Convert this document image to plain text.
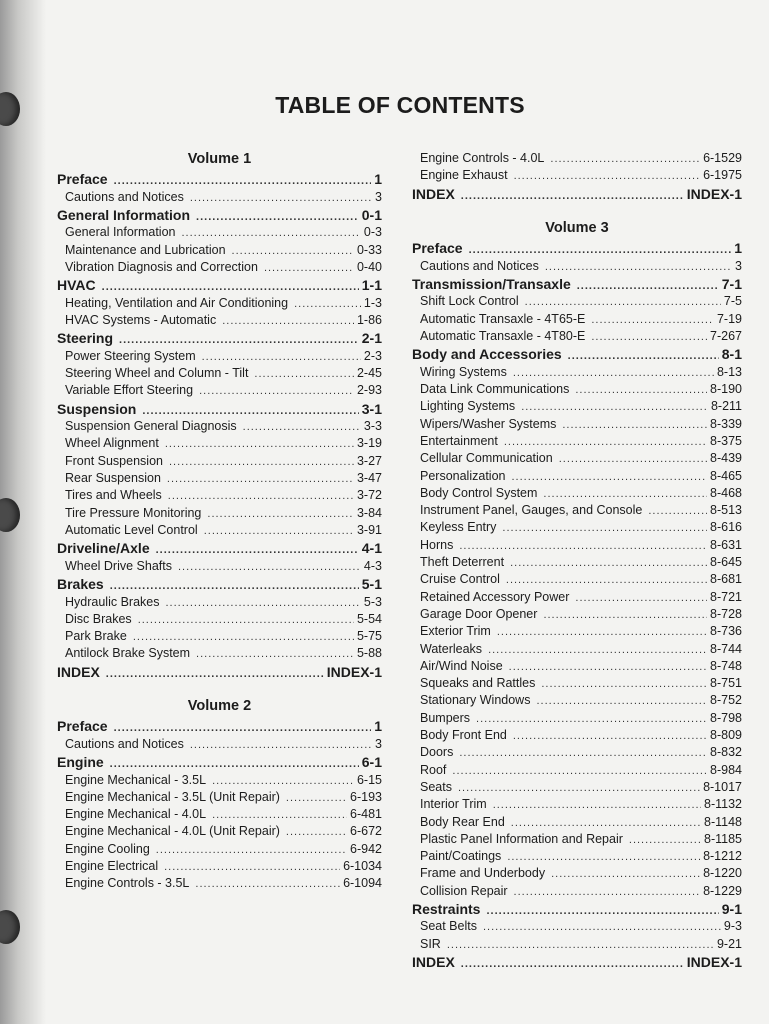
TABLE OF CONTENTS
Volume 1
Preface .....	1
Cautions and Notices .....	3
General Information .....	0-1
General Information .....	0-3
Maintenance and Lubrication .....	0-33
Vibration Diagnosis and Correction .....	0-40
HVAC .....	1-1
Heating, Ventilation and Air Conditioning .....	1-3
HVAC Systems - Automatic .....	1-86
Steering .....	2-1
Power Steering System .....	2-3
Steering Wheel and Column - Tilt .....	2-45
Variable Effort Steering .....	2-93
Suspension .....	3-1
Suspension General Diagnosis .....	3-3
Wheel Alignment .....	3-19
Front Suspension .....	3-27
Rear Suspension .....	3-47
Tires and Wheels .....	3-72
Tire Pressure Monitoring .....	3-84
Automatic Level Control .....	3-91
Driveline/Axle .....	4-1
Wheel Drive Shafts .....	4-3
Brakes .....	5-1
Hydraulic Brakes .....	5-3
Disc Brakes .....	5-54
Park Brake .....	5-75
Antilock Brake System .....	5-88
INDEX .....	INDEX-1
Volume 2
Preface .....	1
Cautions and Notices .....	3
Engine .....	6-1
Engine Mechanical - 3.5L .....	6-15
Engine Mechanical - 3.5L (Unit Repair) .....	6-193
Engine Mechanical - 4.0L .....	6-481
Engine Mechanical - 4.0L (Unit Repair) .....	6-672
Engine Cooling .....	6-942
Engine Electrical .....	6-1034
Engine Controls - 3.5L .....	6-1094
Engine Controls - 4.0L .....	6-1529
Engine Exhaust .....	6-1975
INDEX .....	INDEX-1
Volume 3
Preface .....	1
Cautions and Notices .....	3
Transmission/Transaxle .....	7-1
Shift Lock Control .....	7-5
Automatic Transaxle - 4T65-E .....	7-19
Automatic Transaxle - 4T80-E .....	7-267
Body and Accessories .....	8-1
Wiring Systems .....	8-13
Data Link Communications .....	8-190
Lighting Systems .....	8-211
Wipers/Washer Systems .....	8-339
Entertainment .....	8-375
Cellular Communication .....	8-439
Personalization .....	8-465
Body Control System .....	8-468
Instrument Panel, Gauges, and Console .....	8-513
Keyless Entry .....	8-616
Horns .....	8-631
Theft Deterrent .....	8-645
Cruise Control .....	8-681
Retained Accessory Power .....	8-721
Garage Door Opener .....	8-728
Exterior Trim .....	8-736
Waterleaks .....	8-744
Air/Wind Noise .....	8-748
Squeaks and Rattles .....	8-751
Stationary Windows .....	8-752
Bumpers .....	8-798
Body Front End .....	8-809
Doors .....	8-832
Roof .....	8-984
Seats .....	8-1017
Interior Trim .....	8-1132
Body Rear End .....	8-1148
Plastic Panel Information and Repair .....	8-1185
Paint/Coatings .....	8-1212
Frame and Underbody .....	8-1220
Collision Repair .....	8-1229
Restraints .....	9-1
Seat Belts .....	9-3
SIR .....	9-21
INDEX .....	INDEX-1
